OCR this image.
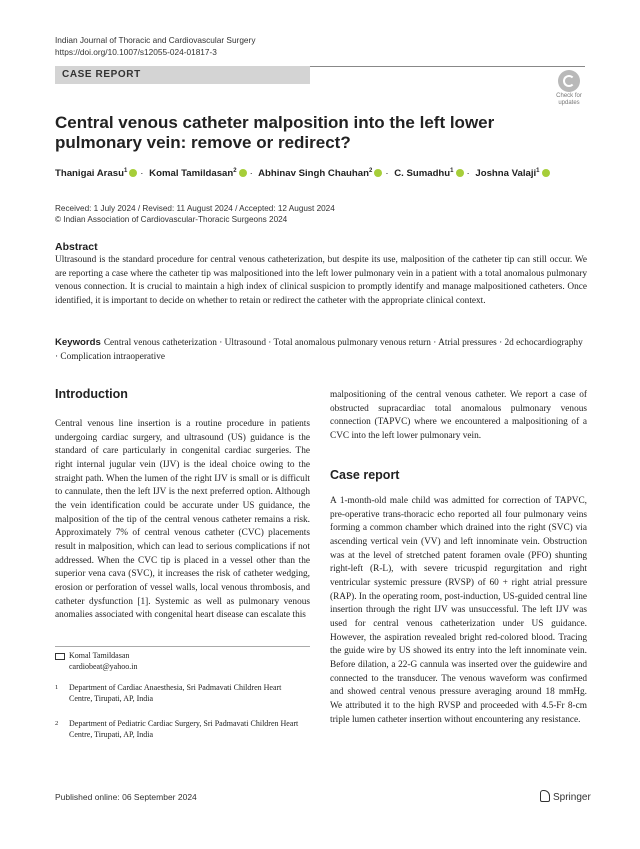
Indian Journal of Thoracic and Cardiovascular Surgery
https://doi.org/10.1007/s12055-024-01817-3
CASE REPORT
Check for updates
Central venous catheter malposition into the left lower pulmonary vein: remove or redirect?
Thanigai Arasu$^1$ · Komal Tamildasan$^2$ · Abhinav Singh Chauhan$^2$ · C. Sumadhu$^1$ · Joshna Valaji$^1$
Received: 1 July 2024 / Revised: 11 August 2024 / Accepted: 12 August 2024
© Indian Association of Cardiovascular-Thoracic Surgeons 2024
Abstract
Ultrasound is the standard procedure for central venous catheterization, but despite its use, malposition of the catheter tip can still occur. We are reporting a case where the catheter tip was malpositioned into the left lower pulmonary vein in a patient with a total anomalous pulmonary venous connection. It is crucial to maintain a high index of clinical suspicion to promptly identify and manage malpositioned catheters. Once identified, it is important to decide on whether to retain or redirect the catheter with the appropriate clinical context.
Keywords Central venous catheterization · Ultrasound · Total anomalous pulmonary venous return · Atrial pressures · 2d echocardiography · Complication intraoperative
Introduction
Central venous line insertion is a routine procedure in patients undergoing cardiac surgery, and ultrasound (US) guidance is the standard of care particularly in congenital cardiac surgeries. The right internal jugular vein (IJV) is the ideal choice owing to the straight path. When the lumen of the right IJV is small or is difficult to cannulate, then the left IJV is the next preferred option. Although the vein identification could be accurate under US guidance, the malposition of the tip of the central venous catheter remains a risk. Approximately 7% of central venous catheter (CVC) placements result in malposition, which can lead to serious complications if not addressed. When the CVC tip is placed in a vessel other than the superior vena cava (SVC), it increases the risk of catheter wedging, erosion or perforation of vessel walls, local venous thrombosis, and catheter dysfunction [1]. Systemic as well as pulmonary venous anomalies associated with congenital heart disease can escalate this
malpositioning of the central venous catheter. We report a case of obstructed supracardiac total anomalous pulmonary venous connection (TAPVC) where we encountered a malpositioning of a CVC into the left lower pulmonary vein.
Case report
A 1-month-old male child was admitted for correction of TAPVC, pre-operative trans-thoracic echo reported all four pulmonary veins forming a common chamber which drained into the right (SVC) via ascending vertical vein (VV) and left innominate vein. Obstruction was at the level of stretched patent foramen ovale (PFO) shunting right-left (R-L), with severe tricuspid regurgitation and right ventricular systemic pressure (RVSP) of 60 + right atrial pressure (RAP). In the operating room, post-induction, US-guided central line insertion through the right IJV was unsuccessful. The left IJV was used for central venous catheterization under US guidance. However, the aspiration revealed bright red-colored blood. Tracing the guide wire by US showed its entry into the left innominate vein. Before dilation, a 22-G cannula was inserted over the guidewire and connected to the transducer. The venous waveform was confirmed and showed central venous pressure averaging around 18 mmHg. We attributed it to the high RVSP and proceeded with 4.5-Fr 8-cm triple lumen catheter insertion without encountering any resistance.
Komal Tamildasan
cardiobeat@yahoo.in
1 Department of Cardiac Anaesthesia, Sri Padmavati Children Heart Centre, Tirupati, AP, India
2 Department of Pediatric Cardiac Surgery, Sri Padmavati Children Heart Centre, Tirupati, AP, India
Published online: 06 September 2024	Springer
